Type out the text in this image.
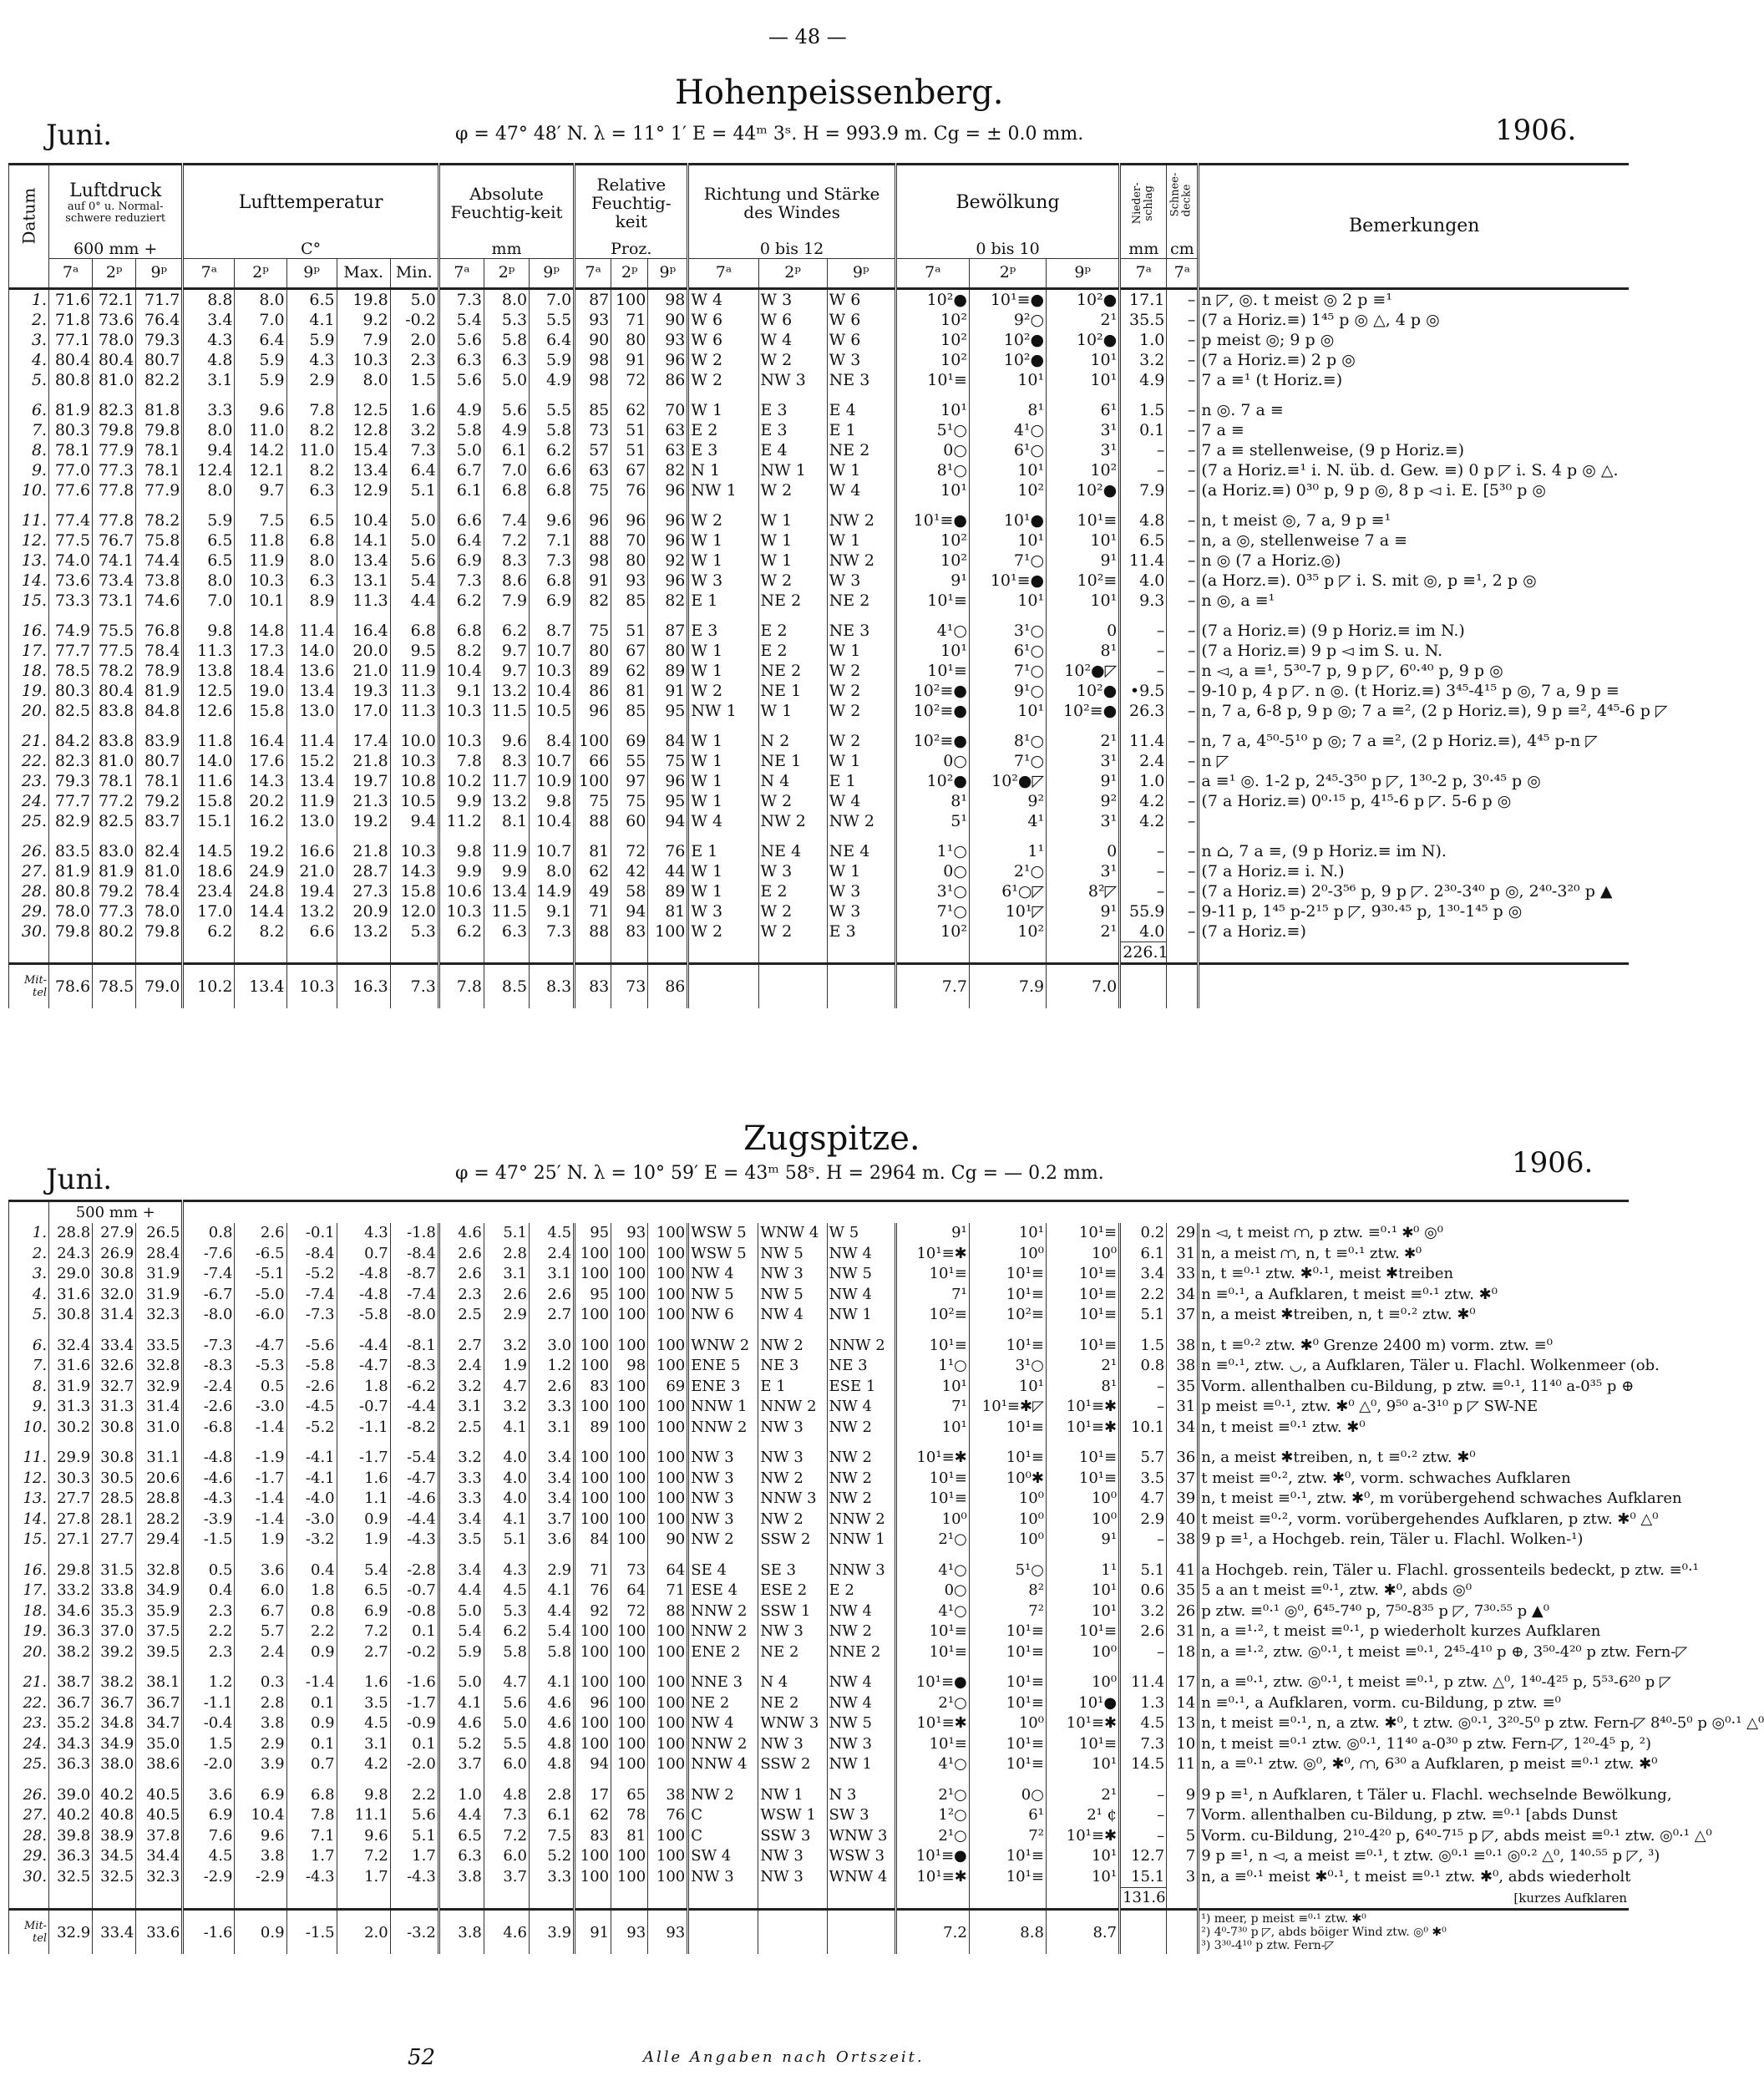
— 48 —
Hohenpeissenberg.
Juni.	φ = 47° 48′ N. λ = 11° 1′ E = 44ᵐ 3ˢ. H = 993.9 m. Cg = ± 0.0 mm.	1906.
Datum	Luftdruck
auf 0° u. Normal-schwere reduziert			Lufttemperatur					Absolute Feuchtig-keit			Relative Feuchtig-keit			Richtung und Stärke des Windes			Bewölkung			Nieder-schlag	Schnee-decke	Bemerkungen
	600 mm +			C°					mm			Proz.			0 bis 12			0 bis 10			mm	cm	
	7ᵃ	2ᵖ	9ᵖ	7ᵃ	2ᵖ	9ᵖ	Max.	Min.	7ᵃ	2ᵖ	9ᵖ	7ᵃ	2ᵖ	9ᵖ	7ᵃ	2ᵖ	9ᵖ	7ᵃ	2ᵖ	9ᵖ	7ᵃ	7ᵃ	
1.	71.6	72.1	71.7	8.8	8.0	6.5	19.8	5.0	7.3	8.0	7.0	87	100	98	W 4	W 3	W 6	10²●	10¹≡●	10²●	17.1	–	n ◸, ◎. t meist ◎ 2 p ≡¹
2.	71.8	73.6	76.4	3.4	7.0	4.1	9.2	-0.2	5.4	5.3	5.5	93	71	90	W 6	W 6	W 6	10²	9²○	2¹	35.5	–	(7 a Horiz.≡) 1⁴⁵ p ◎ △, 4 p ◎
3.	77.1	78.0	79.3	4.3	6.4	5.9	7.9	2.0	5.6	5.8	6.4	90	80	93	W 6	W 4	W 6	10²	10²●	10²●	1.0	–	p meist ◎; 9 p ◎
4.	80.4	80.4	80.7	4.8	5.9	4.3	10.3	2.3	6.3	6.3	5.9	98	91	96	W 2	W 2	W 3	10²	10²●	10¹	3.2	–	(7 a Horiz.≡) 2 p ◎
5.	80.8	81.0	82.2	3.1	5.9	2.9	8.0	1.5	5.6	5.0	4.9	98	72	86	W 2	NW 3	NE 3	10¹≡	10¹	10¹	4.9	–	7 a ≡¹ (t Horiz.≡)

6.	81.9	82.3	81.8	3.3	9.6	7.8	12.5	1.6	4.9	5.6	5.5	85	62	70	W 1	E 3	E 4	10¹	8¹	6¹	1.5	–	n ◎. 7 a ≡
7.	80.3	79.8	79.8	8.0	11.0	8.2	12.8	3.2	5.8	4.9	5.8	73	51	63	E 2	E 3	E 1	5¹○	4¹○	3¹	0.1	–	7 a ≡
8.	78.1	77.9	78.1	9.4	14.2	11.0	15.4	7.3	5.0	6.1	6.2	57	51	63	E 3	E 4	NE 2	0○	6¹○	3¹	–	–	7 a ≡ stellenweise, (9 p Horiz.≡)
9.	77.0	77.3	78.1	12.4	12.1	8.2	13.4	6.4	6.7	7.0	6.6	63	67	82	N 1	NW 1	W 1	8¹○	10¹	10²	–	–	(7 a Horiz.≡¹ i. N. üb. d. Gew. ≡) 0 p ◸ i. S. 4 p ◎ △.
10.	77.6	77.8	77.9	8.0	9.7	6.3	12.9	5.1	6.1	6.8	6.8	75	76	96	NW 1	W 2	W 4	10¹	10²	10²●	7.9	–	(a Horiz.≡) 0³⁰ p, 9 p ◎, 8 p ◅ i. E. [5³⁰ p ◎

11.	77.4	77.8	78.2	5.9	7.5	6.5	10.4	5.0	6.6	7.4	9.6	96	96	96	W 2	W 1	NW 2	10¹≡●	10¹●	10¹≡	4.8	–	n, t meist ◎, 7 a, 9 p ≡¹
12.	77.5	76.7	75.8	6.5	11.8	6.8	14.1	5.0	6.4	7.2	7.1	88	70	96	W 1	W 1	W 1	10²	10¹	10¹	6.5	–	n, a ◎, stellenweise 7 a ≡
13.	74.0	74.1	74.4	6.5	11.9	8.0	13.4	5.6	6.9	8.3	7.3	98	80	92	W 1	W 1	NW 2	10²	7¹○	9¹	11.4	–	n ◎ (7 a Horiz.◎)
14.	73.6	73.4	73.8	8.0	10.3	6.3	13.1	5.4	7.3	8.6	6.8	91	93	96	W 3	W 2	W 3	9¹	10¹≡●	10²≡	4.0	–	(a Horz.≡). 0³⁵ p ◸ i. S. mit ◎, p ≡¹, 2 p ◎
15.	73.3	73.1	74.6	7.0	10.1	8.9	11.3	4.4	6.2	7.9	6.9	82	85	82	E 1	NE 2	NE 2	10¹≡	10¹	10¹	9.3	–	n ◎, a ≡¹

16.	74.9	75.5	76.8	9.8	14.8	11.4	16.4	6.8	6.8	6.2	8.7	75	51	87	E 3	E 2	NE 3	4¹○	3¹○	0	–	–	(7 a Horiz.≡) (9 p Horiz.≡ im N.)
17.	77.7	77.5	78.4	11.3	17.3	14.0	20.0	9.5	8.2	9.7	10.7	80	67	80	W 1	E 2	W 1	10¹	6¹○	8¹	–	–	(7 a Horiz.≡) 9 p ◅ im S. u. N.
18.	78.5	78.2	78.9	13.8	18.4	13.6	21.0	11.9	10.4	9.7	10.3	89	62	89	W 1	NE 2	W 2	10¹≡	7¹○	10²●◸	–	–	n ◅, a ≡¹, 5³⁰-7 p, 9 p ◸, 6⁰·⁴⁰ p, 9 p ◎
19.	80.3	80.4	81.9	12.5	19.0	13.4	19.3	11.3	9.1	13.2	10.4	86	81	91	W 2	NE 1	W 2	10²≡●	9¹○	10²●	•9.5	–	9-10 p, 4 p ◸. n ◎. (t Horiz.≡) 3⁴⁵-4¹⁵ p ◎, 7 a, 9 p ≡
20.	82.5	83.8	84.8	12.6	15.8	13.0	17.0	11.3	10.3	11.5	10.5	96	85	95	NW 1	W 1	W 2	10²≡●	10¹	10²≡●	26.3	–	n, 7 a, 6-8 p, 9 p ◎; 7 a ≡², (2 p Horiz.≡), 9 p ≡², 4⁴⁵-6 p ◸

21.	84.2	83.8	83.9	11.8	16.4	11.4	17.4	10.0	10.3	9.6	8.4	100	69	84	W 1	N 2	W 2	10²≡●	8¹○	2¹	11.4	–	n, 7 a, 4⁵⁰-5¹⁰ p ◎; 7 a ≡², (2 p Horiz.≡), 4⁴⁵ p-n ◸
22.	82.3	81.0	80.7	14.0	17.6	15.2	21.8	10.3	7.8	8.3	10.7	66	55	75	W 1	NE 1	W 1	0○	7¹○	3¹	2.4	–	n ◸
23.	79.3	78.1	78.1	11.6	14.3	13.4	19.7	10.8	10.2	11.7	10.9	100	97	96	W 1	N 4	E 1	10²●	10²●◸	9¹	1.0	–	a ≡¹ ◎. 1-2 p, 2⁴⁵-3⁵⁰ p ◸, 1³⁰-2 p, 3⁰·⁴⁵ p ◎
24.	77.7	77.2	79.2	15.8	20.2	11.9	21.3	10.5	9.9	13.2	9.8	75	75	95	W 1	W 2	W 4	8¹	9²	9²	4.2	–	(7 a Horiz.≡) 0⁰·¹⁵ p, 4¹⁵-6 p ◸. 5-6 p ◎
25.	82.9	82.5	83.7	15.1	16.2	13.0	19.2	9.4	11.2	8.1	10.4	88	60	94	W 4	NW 2	NW 2	5¹	4¹	3¹	4.2	–	

26.	83.5	83.0	82.4	14.5	19.2	16.6	21.8	10.3	9.8	11.9	10.7	81	72	76	E 1	NE 4	NE 4	1¹○	1¹	0	–	–	n ⌂, 7 a ≡, (9 p Horiz.≡ im N).
27.	81.9	81.9	81.0	18.6	24.9	21.0	28.7	14.3	9.9	9.9	8.0	62	42	44	W 1	W 3	W 1	0○	2¹○	3¹	–	–	(7 a Horiz.≡ i. N.)
28.	80.8	79.2	78.4	23.4	24.8	19.4	27.3	15.8	10.6	13.4	14.9	49	58	89	W 1	E 2	W 3	3¹○	6¹○◸	8²◸	–	–	(7 a Horiz.≡) 2⁰-3⁵⁶ p, 9 p ◸. 2³⁰-3⁴⁰ p ◎, 2⁴⁰-3²⁰ p ▲
29.	78.0	77.3	78.0	17.0	14.4	13.2	20.9	12.0	10.3	11.5	9.1	71	94	81	W 3	W 2	W 3	7¹○	10¹◸	9¹	55.9	–	9-11 p, 1⁴⁵ p-2¹⁵ p ◸, 9³⁰·⁴⁵ p, 1³⁰-1⁴⁵ p ◎
30.	79.8	80.2	79.8	6.2	8.2	6.6	13.2	5.3	6.2	6.3	7.3	88	83	100	W 2	W 2	E 3	10²	10²	2¹	4.0	–	(7 a Horiz.≡)
																					226.1		
Mit-tel	78.6	78.5	79.0	10.2	13.4	10.3	16.3	7.3	7.8	8.5	8.3	83	73	86				7.7	7.9	7.0			
Zugspitze.
Juni.	φ = 47° 25′ N. λ = 10° 59′ E = 43ᵐ 58ˢ. H = 2964 m. Cg = — 0.2 mm.	1906.
	500 mm +																						
1.	28.8	27.9	26.5	0.8	2.6	-0.1	4.3	-1.8	4.6	5.1	4.5	95	93	100	WSW 5	WNW 4	W 5	9¹	10¹	10¹≡	0.2	29	n ◅, t meist ⩋, p ztw. ≡⁰·¹ ✱⁰ ◎⁰
2.	24.3	26.9	28.4	-7.6	-6.5	-8.4	0.7	-8.4	2.6	2.8	2.4	100	100	100	WSW 5	NW 5	NW 4	10¹≡✱	10⁰	10⁰	6.1	31	n, a meist ⩋, n, t ≡⁰·¹ ztw. ✱⁰
3.	29.0	30.8	31.9	-7.4	-5.1	-5.2	-4.8	-8.7	2.6	3.1	3.1	100	100	100	NW 4	NW 3	NW 5	10¹≡	10¹≡	10¹≡	3.4	33	n, t ≡⁰·¹ ztw. ✱⁰·¹, meist ✱treiben
4.	31.6	32.0	31.9	-6.7	-5.0	-7.4	-4.8	-7.4	2.3	2.6	2.6	95	100	100	NW 5	NW 5	NW 4	7¹	10¹≡	10¹≡	2.2	34	n ≡⁰·¹, a Aufklaren, t meist ≡⁰·¹ ztw. ✱⁰
5.	30.8	31.4	32.3	-8.0	-6.0	-7.3	-5.8	-8.0	2.5	2.9	2.7	100	100	100	NW 6	NW 4	NW 1	10²≡	10²≡	10¹≡	5.1	37	n, a meist ✱treiben, n, t ≡⁰·² ztw. ✱⁰

6.	32.4	33.4	33.5	-7.3	-4.7	-5.6	-4.4	-8.1	2.7	3.2	3.0	100	100	100	WNW 2	NW 2	NNW 2	10¹≡	10¹≡	10¹≡	1.5	38	n, t ≡⁰·² ztw. ✱⁰ Grenze 2400 m) vorm. ztw. ≡⁰
7.	31.6	32.6	32.8	-8.3	-5.3	-5.8	-4.7	-8.3	2.4	1.9	1.2	100	98	100	ENE 5	NE 3	NE 3	1¹○	3¹○	2¹	0.8	38	n ≡⁰·¹, ztw. ◡, a Aufklaren, Täler u. Flachl. Wolkenmeer (ob.
8.	31.9	32.7	32.9	-2.4	0.5	-2.6	1.8	-6.2	3.2	4.7	2.6	83	100	69	ENE 3	E 1	ESE 1	10¹	10¹	8¹	–	35	Vorm. allenthalben cu-Bildung, p ztw. ≡⁰·¹, 11⁴⁰ a-0³⁵ p ⊕
9.	31.3	31.3	31.4	-2.6	-3.0	-4.5	-0.7	-4.4	3.1	3.2	3.3	100	100	100	NNW 1	NNW 2	NW 4	7¹	10¹≡✱◸	10¹≡✱	–	31	p meist ≡⁰·¹, ztw. ✱⁰ △⁰, 9⁵⁰ a-3¹⁰ p ◸ SW-NE
10.	30.2	30.8	31.0	-6.8	-1.4	-5.2	-1.1	-8.2	2.5	4.1	3.1	89	100	100	NNW 2	NW 3	NW 2	10¹	10¹≡	10¹≡✱	10.1	34	n, t meist ≡⁰·¹ ztw. ✱⁰

11.	29.9	30.8	31.1	-4.8	-1.9	-4.1	-1.7	-5.4	3.2	4.0	3.4	100	100	100	NW 3	NW 3	NW 2	10¹≡✱	10¹≡	10¹≡	5.7	36	n, a meist ✱treiben, n, t ≡⁰·² ztw. ✱⁰
12.	30.3	30.5	20.6	-4.6	-1.7	-4.1	1.6	-4.7	3.3	4.0	3.4	100	100	100	NW 3	NW 2	NW 2	10¹≡	10⁰✱	10¹≡	3.5	37	t meist ≡⁰·², ztw. ✱⁰, vorm. schwaches Aufklaren
13.	27.7	28.5	28.8	-4.3	-1.4	-4.0	1.1	-4.6	3.3	4.0	3.4	100	100	100	NW 3	NNW 3	NW 2	10¹≡	10⁰	10⁰	4.7	39	n, t meist ≡⁰·¹, ztw. ✱⁰, m vorübergehend schwaches Aufklaren
14.	27.8	28.1	28.2	-3.9	-1.4	-3.0	0.9	-4.4	3.4	4.1	3.7	100	100	100	NW 3	NW 2	NNW 2	10⁰	10⁰	10⁰	2.9	40	t meist ≡⁰·², vorm. vorübergehendes Aufklaren, p ztw. ✱⁰ △⁰
15.	27.1	27.7	29.4	-1.5	1.9	-3.2	1.9	-4.3	3.5	5.1	3.6	84	100	90	NW 2	SSW 2	NNW 1	2¹○	10⁰	9¹	–	38	9 p ≡¹, a Hochgeb. rein, Täler u. Flachl. Wolken-¹)

16.	29.8	31.5	32.8	0.5	3.6	0.4	5.4	-2.8	3.4	4.3	2.9	71	73	64	SE 4	SE 3	NNW 3	4¹○	5¹○	1¹	5.1	41	a Hochgeb. rein, Täler u. Flachl. grossenteils bedeckt, p ztw. ≡⁰·¹
17.	33.2	33.8	34.9	0.4	6.0	1.8	6.5	-0.7	4.4	4.5	4.1	76	64	71	ESE 4	ESE 2	E 2	0○	8²	10¹	0.6	35	5 a an t meist ≡⁰·¹, ztw. ✱⁰, abds ◎⁰
18.	34.6	35.3	35.9	2.3	6.7	0.8	6.9	-0.8	5.0	5.3	4.4	92	72	88	NNW 2	SSW 1	NW 4	4¹○	7²	10¹	3.2	26	p ztw. ≡⁰·¹ ◎⁰, 6⁴⁵-7⁴⁰ p, 7⁵⁰-8³⁵ p ◸, 7³⁰·⁵⁵ p ▲⁰
19.	36.3	37.0	37.5	2.2	5.7	2.2	7.2	0.1	5.4	6.2	5.4	100	100	100	NNW 2	NW 3	NW 2	10¹≡	10¹≡	10¹≡	2.6	31	n, a ≡¹·², t meist ≡⁰·¹, p wiederholt kurzes Aufklaren
20.	38.2	39.2	39.5	2.3	2.4	0.9	2.7	-0.2	5.9	5.8	5.8	100	100	100	ENE 2	NE 2	NNE 2	10¹≡	10¹≡	10⁰	–	18	n, a ≡¹·², ztw. ◎⁰·¹, t meist ≡⁰·¹, 2⁴⁵-4¹⁰ p ⊕, 3⁵⁰-4²⁰ p ztw. Fern-◸

21.	38.7	38.2	38.1	1.2	0.3	-1.4	1.6	-1.6	5.0	4.7	4.1	100	100	100	NNE 3	N 4	NW 4	10¹≡●	10¹≡	10⁰	11.4	17	n, a ≡⁰·¹, ztw. ◎⁰·¹, t meist ≡⁰·¹, p ztw. △⁰, 1⁴⁰-4²⁵ p, 5⁵³-6²⁰ p ◸
22.	36.7	36.7	36.7	-1.1	2.8	0.1	3.5	-1.7	4.1	5.6	4.6	96	100	100	NE 2	NE 2	NW 4	2¹○	10¹≡	10¹●	1.3	14	n ≡⁰·¹, a Aufklaren, vorm. cu-Bildung, p ztw. ≡⁰
23.	35.2	34.8	34.7	-0.4	3.8	0.9	4.5	-0.9	4.6	5.0	4.6	100	100	100	NW 4	WNW 3	NW 5	10¹≡✱	10⁰	10¹≡✱	4.5	13	n, t meist ≡⁰·¹, n, a ztw. ✱⁰, t ztw. ◎⁰·¹, 3²⁰-5⁰ p ztw. Fern-◸ 8⁴⁰-5⁰ p ◎⁰·¹ △⁰
24.	34.3	34.9	35.0	1.5	2.9	0.1	3.1	0.1	5.2	5.5	4.8	100	100	100	NNW 2	NW 3	NW 3	10¹≡	10¹≡	10¹≡	7.3	10	n, t meist ≡⁰·¹ ztw. ◎⁰·¹, 11⁴⁰ a-0³⁰ p ztw. Fern-◸, 1²⁰-4⁵ p, ²)
25.	36.3	38.0	38.6	-2.0	3.9	0.7	4.2	-2.0	3.7	6.0	4.8	94	100	100	NNW 4	SSW 2	NW 1	4¹○	10¹≡	10¹	14.5	11	n, a ≡⁰·¹ ztw. ◎⁰, ✱⁰, ⩋, 6³⁰ a Aufklaren, p meist ≡⁰·¹ ztw. ✱⁰

26.	39.0	40.2	40.5	3.6	6.9	6.8	9.8	2.2	1.0	4.8	2.8	17	65	38	NW 2	NW 1	N 3	2¹○	0○	2¹	–	9	9 p ≡¹, n Aufklaren, t Täler u. Flachl. wechselnde Bewölkung,
27.	40.2	40.8	40.5	6.9	10.4	7.8	11.1	5.6	4.4	7.3	6.1	62	78	76	C	WSW 1	SW 3	1²○	6¹	2¹ ¢	–	7	Vorm. allenthalben cu-Bildung, p ztw. ≡⁰·¹ [abds Dunst
28.	39.8	38.9	37.8	7.6	9.6	7.1	9.6	5.1	6.5	7.2	7.5	83	81	100	C	SSW 3	WNW 3	2¹○	7²	10¹≡✱	–	5	Vorm. cu-Bildung, 2¹⁰-4²⁰ p, 6⁴⁰-7¹⁵ p ◸, abds meist ≡⁰·¹ ztw. ◎⁰·¹ △⁰
29.	36.3	34.5	34.4	4.5	3.8	1.7	7.2	1.7	6.3	6.0	5.2	100	100	100	SW 4	NW 3	WSW 3	10¹≡●	10¹≡	10¹	12.7	7	9 p ≡¹, n ◅, a meist ≡⁰·¹, t ztw. ◎⁰·¹ ≡⁰·¹ ◎⁰·² △⁰, 1⁴⁰·⁵⁵ p ◸, ³)
30.	32.5	32.5	32.3	-2.9	-2.9	-4.3	1.7	-4.3	3.8	3.7	3.3	100	100	100	NW 3	NW 3	WNW 4	10¹≡✱	10¹≡	10¹	15.1	3	n, a ≡⁰·¹ meist ✱⁰·¹, t meist ≡⁰·¹ ztw. ✱⁰, abds wiederholt
																					131.6		[kurzes Aufklaren
Mit-tel	32.9	33.4	33.6	-1.6	0.9	-1.5	2.0	-3.2	3.8	4.6	3.9	91	93	93				7.2	8.8	8.7			¹) meer, p meist ≡⁰·¹ ztw. ✱⁰
²) 4⁰-7³⁰ p ◸, abds böiger Wind ztw. ◎⁰ ✱⁰
³) 3³⁰-4¹⁰ p ztw. Fern-◸
52	Alle Angaben nach Ortszeit.
